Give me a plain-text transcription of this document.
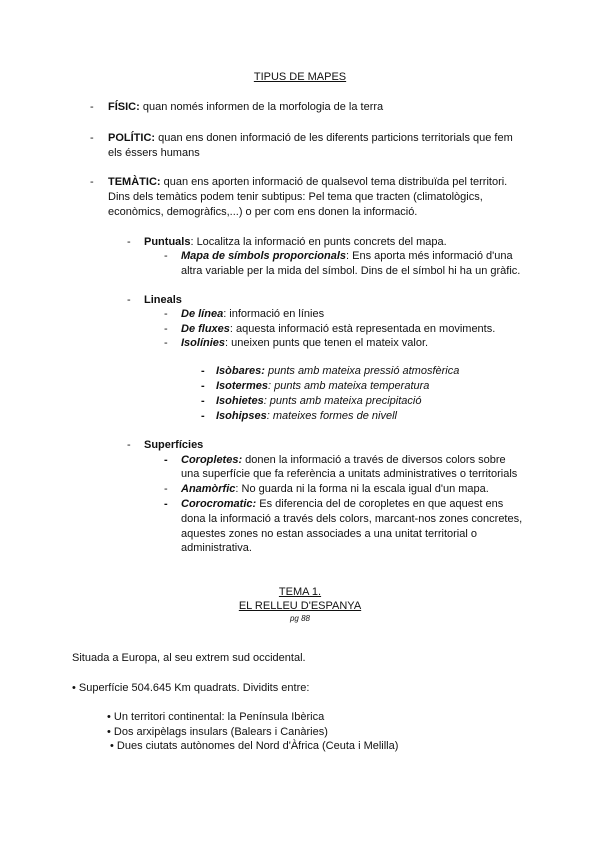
TIPUS DE MAPES
- FÍSIC: quan només informen de la morfologia de la terra
- POLÍTIC: quan ens donen informació de les diferents particions territorials que fem
els éssers humans
- TEMÀTIC: quan ens aporten informació de qualsevol tema distribuïda pel territori.
Dins dels temàtics podem tenir subtipus: Pel tema que tracten (climatològics,
econòmics, demogràfics,...) o per com ens donen la informació.
- Puntuals: Localitza la informació en punts concrets del mapa.
- Mapa de símbols proporcionals: Ens aporta més informació d'una
altra variable per la mida del símbol. Dins de el símbol hi ha un gràfic.
- Lineals
- De línea: informació en línies
- De fluxes: aquesta informació està representada en moviments.
- Isolínies: uneixen punts que tenen el mateix valor.
- Isòbares: punts amb mateixa pressió atmosfèrica
- Isotermes: punts amb mateixa temperatura
- Isohietes: punts amb mateixa precipitació
- Isohipses: mateixes formes de nivell
- Superfícies
- Coropletes: donen la informació a través de diversos colors sobre
una superfície que fa referència a unitats administratives o territorials
- Anamòrfic: No guarda ni la forma ni la escala igual d'un mapa.
- Corocromatic: Es diferencia del de coropletes en que aquest ens
dona la informació a través dels colors, marcant-nos zones concretes,
aquestes zones no estan associades a una unitat territorial o
administrativa.
TEMA 1.
EL RELLEU D'ESPANYA
pg 88
Situada a Europa, al seu extrem sud occidental.
• Superfície 504.645 Km quadrats. Dividits entre:
• Un territori continental: la Península Ibèrica
• Dos arxipèlags insulars (Balears i Canàries)
• Dues ciutats autònomes del Nord d'Àfrica (Ceuta i Melilla)
